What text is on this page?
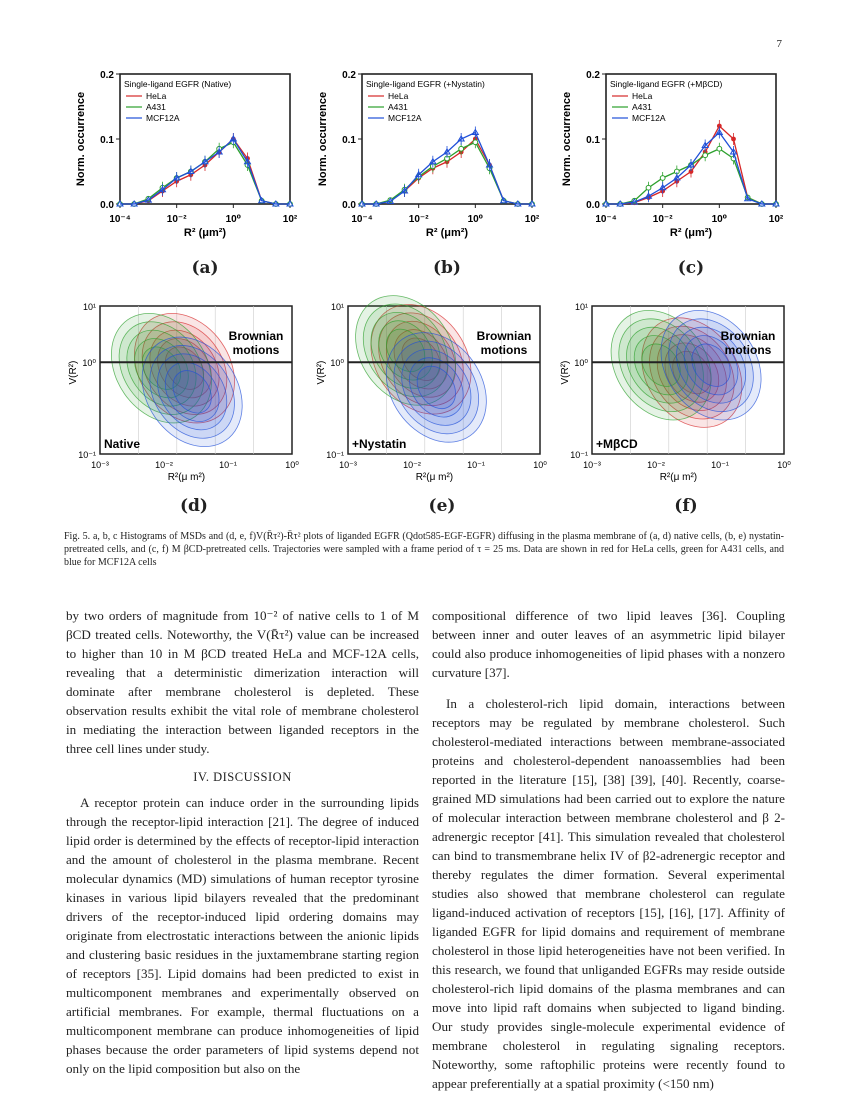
7
0.0
0.1
0.2
10⁻⁴	10⁻²	10⁰	10²
Norm. occurrence
R² (μm²)
Single-ligand EGFR (Native)
HeLa
A431
MCF12A
(a)
0.0
0.1
0.2
10⁻⁴	10⁻²	10⁰	10²
Norm. occurrence
R² (μm²)
Single-ligand EGFR (+Nystatin)
HeLa
A431
MCF12A
(b)
0.0
0.1
0.2
10⁻⁴	10⁻²	10⁰	10²
Norm. occurrence
R² (μm²)
Single-ligand EGFR (+MβCD)
HeLa
A431
MCF12A
(c)
Brownian
motions
Native
10¹
10⁰
10⁻¹
10⁻³	10⁻²	10⁻¹	10⁰
V(R²)
R²(μ m²)
(d)
Brownian
motions
+Nystatin
10¹
10⁰
10⁻¹
10⁻³	10⁻²	10⁻¹	10⁰
V(R²)
R²(μ m²)
(e)
Brownian
motions
+MβCD
10¹
10⁰
10⁻¹
10⁻³	10⁻²	10⁻¹	10⁰
V(R²)
R²(μ m²)
(f)
Fig. 5. a, b, c Histograms of MSDs and (d, e, f)V(R̄τ²)-R̄τ² plots of liganded EGFR (Qdot585-EGF-EGFR) diffusing in the plasma membrane of (a, d) native cells, (b, e) nystatin-pretreated cells, and (c, f) M βCD-pretreated cells. Trajectories were sampled with a frame period of τ = 25 ms. Data are shown in red for HeLa cells, green for A431 cells, and blue for MCF12A cells

by two orders of magnitude from 10⁻² of native cells to 1 of M βCD treated cells. Noteworthy, the V(R̄τ²) value can be increased to higher than 10 in M βCD treated HeLa and MCF-12A cells, revealing that a deterministic dimerization interaction will dominate after membrane cholesterol is depleted. These observation results exhibit the vital role of membrane cholesterol in mediating the interaction between liganded receptors in the three cell lines under study.

IV. DISCUSSION

A receptor protein can induce order in the surrounding lipids through the receptor-lipid interaction [21]. The degree of induced lipid order is determined by the effects of receptor-lipid interaction and the amount of cholesterol in the plasma membrane. Recent molecular dynamics (MD) simulations of human receptor tyrosine kinases in various lipid bilayers revealed that the predominant drivers of the receptor-induced lipid ordering domains may originate from electrostatic interactions between the anionic lipids and clustering basic residues in the juxtamembrane starting region of receptors [35]. Lipid domains had been predicted to exist in multicomponent membranes and experimentally observed on artificial membranes. For example, thermal fluctuations on a multicomponent membrane can produce inhomogeneities of lipid phases because the order parameters of lipid systems depend not only on the lipid composition but also on the

compositional difference of two lipid leaves [36]. Coupling between inner and outer leaves of an asymmetric lipid bilayer could also produce inhomogeneities of lipid phases with a nonzero curvature [37].

In a cholesterol-rich lipid domain, interactions between receptors may be regulated by membrane cholesterol. Such cholesterol-mediated interactions between membrane-associated proteins and cholesterol-dependent nanoassemblies had been reported in the literature [15], [38] [39], [40]. Recently, coarse-grained MD simulations had been carried out to explore the nature of molecular interaction between membrane cholesterol and β 2-adrenergic receptor [41]. This simulation revealed that cholesterol can bind to transmembrane helix IV of β2-adrenergic receptor and thereby regulates the dimer formation. Several experimental studies also showed that membrane cholesterol can regulate ligand-induced activation of receptors [15], [16], [17]. Affinity of liganded EGFR for lipid domains and requirement of membrane cholesterol in those lipid heterogeneities have not been verified. In this research, we found that unliganded EGFRs may reside outside cholesterol-rich lipid domains of the plasma membranes and can move into lipid raft domains when subjected to ligand binding. Our study provides single-molecule experimental evidence of membrane cholesterol in regulating signaling receptors. Noteworthy, some raftophilic proteins were recently found to appear preferentially at a spatial proximity (<150 nm)
